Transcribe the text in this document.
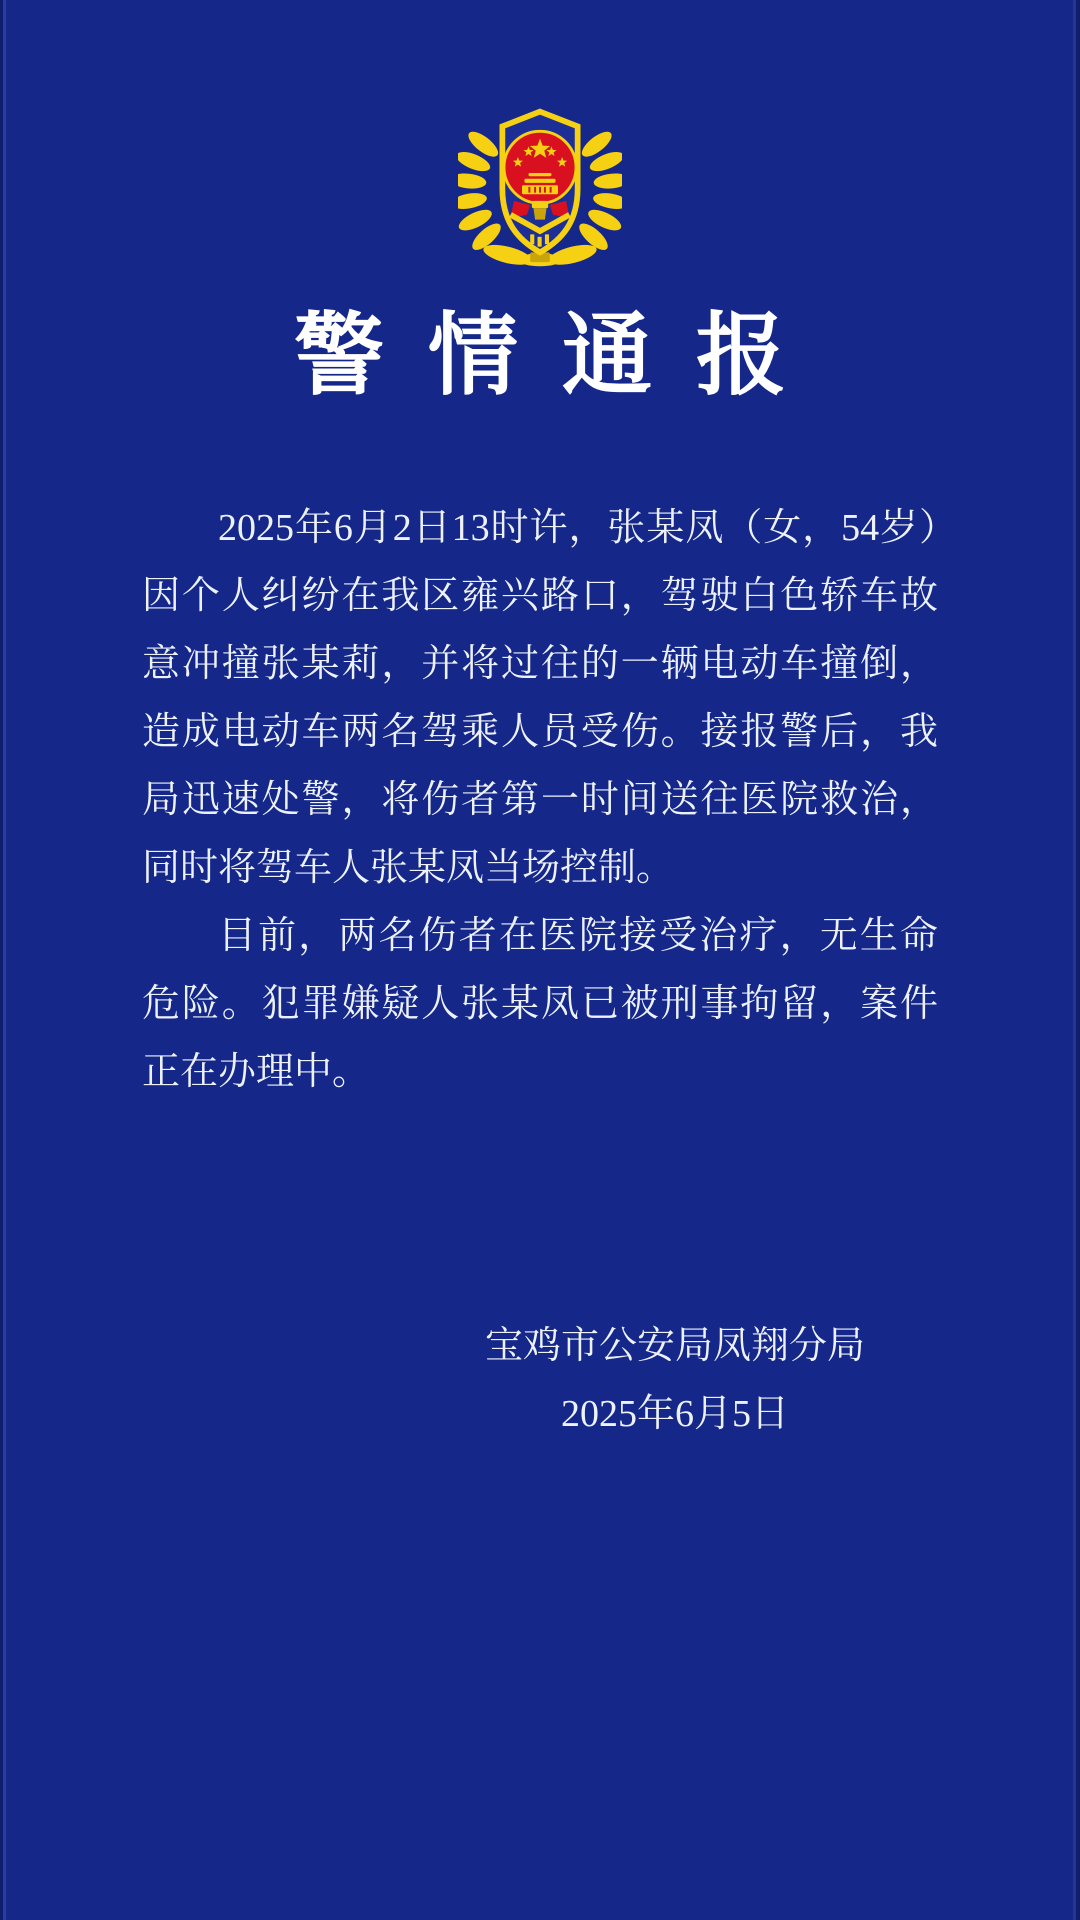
警情通报

2025年6月2日13时许，张某凤（女，54岁）因个人纠纷在我区雍兴路口，驾驶白色轿车故意冲撞张某莉，并将过往的一辆电动车撞倒，造成电动车两名驾乘人员受伤。接报警后，我局迅速处警，将伤者第一时间送往医院救治，同时将驾车人张某凤当场控制。

目前，两名伤者在医院接受治疗，无生命危险。犯罪嫌疑人张某凤已被刑事拘留，案件正在办理中。

宝鸡市公安局凤翔分局
2025年6月5日
